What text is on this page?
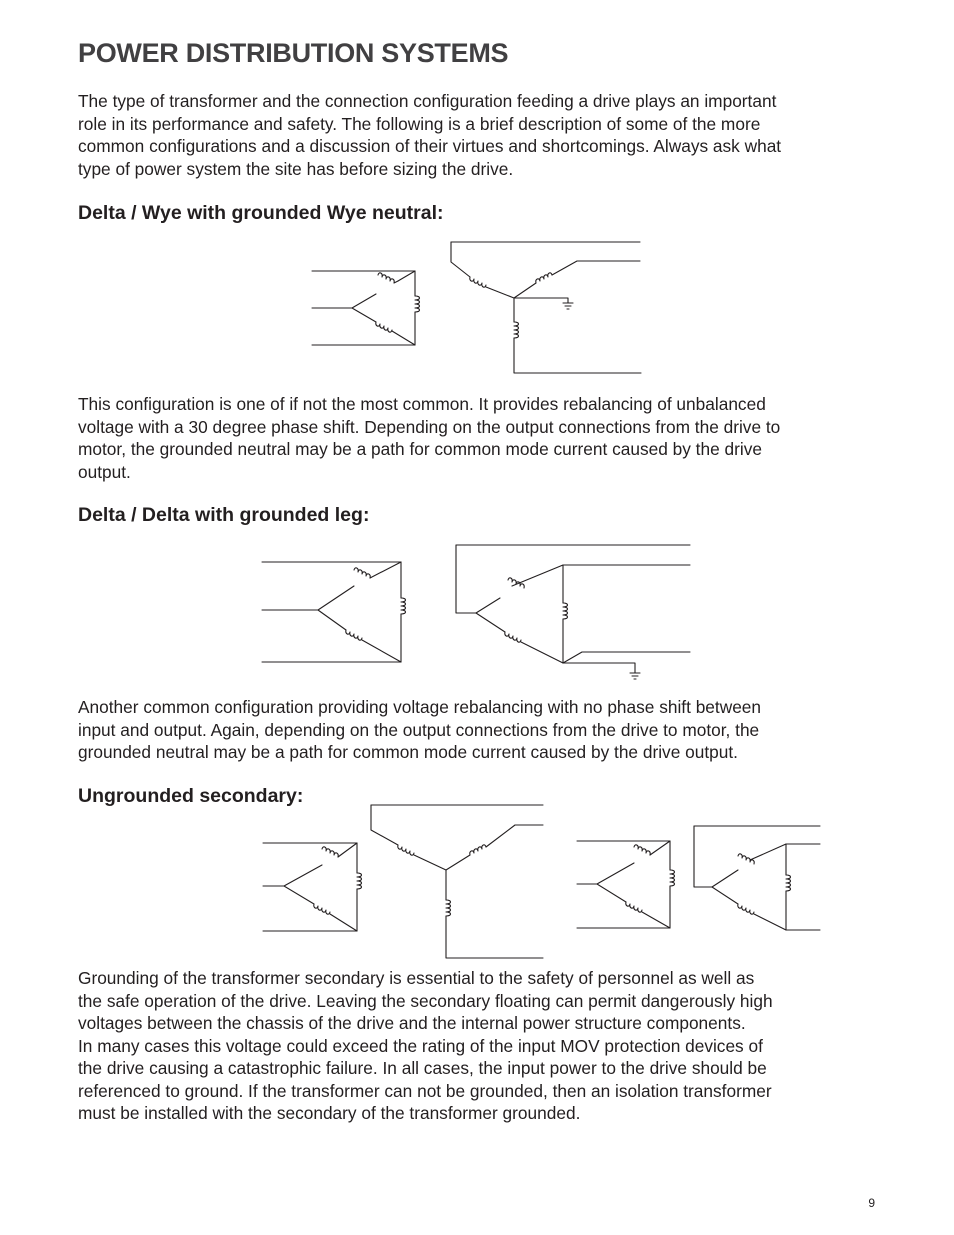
POWER DISTRIBUTION SYSTEMS

The type of transformer and the connection configuration feeding a drive plays an important
role in its performance and safety. The following is a brief description of some of the more
common configurations and a discussion of their virtues and shortcomings. Always ask what
type of power system the site has before sizing the drive.

Delta / Wye with grounded Wye neutral:

This configuration is one of if not the most common. It provides rebalancing of unbalanced
voltage with a 30 degree phase shift. Depending on the output connections from the drive to
motor, the grounded neutral may be a path for common mode current caused by the drive
output.

Delta / Delta with grounded leg:

Another common configuration providing voltage rebalancing with no phase shift between
input and output. Again, depending on the output connections from the drive to motor, the
grounded neutral may be a path for common mode current caused by the drive output.

Ungrounded secondary:

Grounding of the transformer secondary is essential to the safety of personnel as well as
the safe operation of the drive. Leaving the secondary floating can permit dangerously high
voltages between the chassis of the drive and the internal power structure components.
In many cases this voltage could exceed the rating of the input MOV protection devices of
the drive causing a catastrophic failure. In all cases, the input power to the drive should be
referenced to ground. If the transformer can not be grounded, then an isolation transformer
must be installed with the secondary of the transformer grounded.

9
